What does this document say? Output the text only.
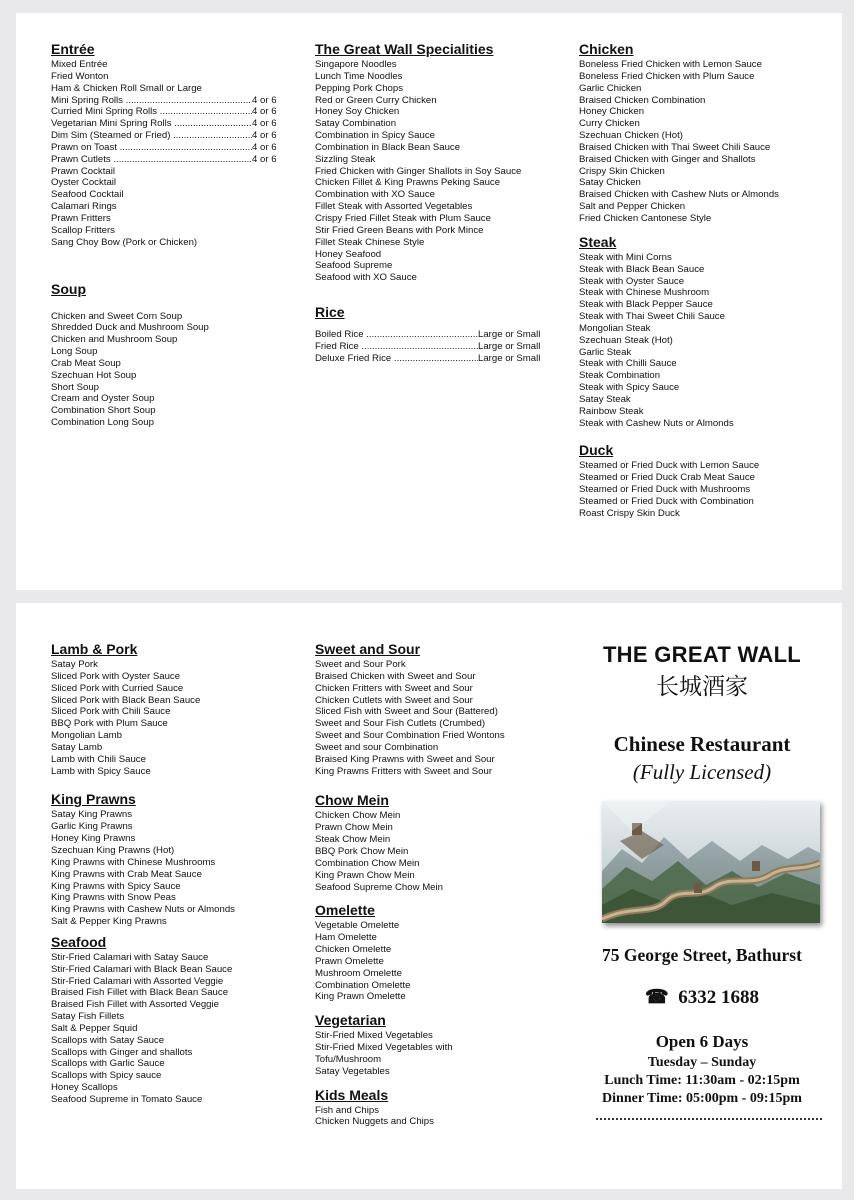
Entrée
Mixed Entrée
Fried Wonton
Ham & Chicken Roll Small or Large
Mini Spring Rolls .....	4 or 6
Curried Mini Spring Rolls .....	4 or 6
Vegetarian Mini Spring Rolls .....	4 or 6
Dim Sim (Steamed or Fried) .....	4 or 6
Prawn on Toast .....	4 or 6
Prawn Cutlets .....	4 or 6
Prawn Cocktail
Oyster Cocktail
Seafood Cocktail
Calamari Rings
Prawn Fritters
Scallop Fritters
Sang Choy Bow (Pork or Chicken)
Soup
Chicken and Sweet Corn Soup
Shredded Duck and Mushroom Soup
Chicken and Mushroom Soup
Long Soup
Crab Meat Soup
Szechuan Hot Soup
Short Soup
Cream and Oyster Soup
Combination Short Soup
Combination Long Soup
The Great Wall Specialities
Singapore Noodles
Lunch Time Noodles
Pepping Pork Chops
Red or Green Curry Chicken
Honey Soy Chicken
Satay Combination
Combination in Spicy Sauce
Combination in Black Bean Sauce
Sizzling Steak
Fried Chicken with Ginger Shallots in Soy Sauce
Chicken Fillet & King Prawns Peking Sauce
Combination with XO Sauce
Fillet Steak with Assorted Vegetables
Crispy Fried Fillet Steak with Plum Sauce
Stir Fried Green Beans with Pork Mince
Fillet Steak Chinese Style
Honey Seafood
Seafood Supreme
Seafood with XO Sauce
Rice
Boiled Rice .....	Large or Small
Fried Rice .....	Large or Small
Deluxe Fried Rice .....	Large or Small
Chicken
Boneless Fried Chicken with Lemon Sauce
Boneless Fried Chicken with Plum Sauce
Garlic Chicken
Braised Chicken Combination
Honey Chicken
Curry Chicken
Szechuan Chicken (Hot)
Braised Chicken with Thai Sweet Chili Sauce
Braised Chicken with Ginger and Shallots
Crispy Skin Chicken
Satay Chicken
Braised Chicken with Cashew Nuts or Almonds
Salt and Pepper Chicken
Fried Chicken Cantonese Style
Steak
Steak with Mini Corns
Steak with Black Bean Sauce
Steak with Oyster Sauce
Steak with Chinese Mushroom
Steak with Black Pepper Sauce
Steak with Thai Sweet Chili Sauce
Mongolian Steak
Szechuan Steak (Hot)
Garlic Steak
Steak with Chilli Sauce
Steak Combination
Steak with Spicy Sauce
Satay Steak
Rainbow Steak
Steak with Cashew Nuts or Almonds
Duck
Steamed or Fried Duck with Lemon Sauce
Steamed or Fried Duck Crab Meat Sauce
Steamed or Fried Duck with Mushrooms
Steamed or Fried Duck with Combination
Roast Crispy Skin Duck
Lamb & Pork
Satay Pork
Sliced Pork with Oyster Sauce
Sliced Pork with Curried Sauce
Sliced Pork with Black Bean Sauce
Sliced Pork with Chili Sauce
BBQ Pork with Plum Sauce
Mongolian Lamb
Satay Lamb
Lamb with Chili Sauce
Lamb with Spicy Sauce
King Prawns
Satay King Prawns
Garlic King Prawns
Honey King Prawns
Szechuan King Prawns (Hot)
King Prawns with Chinese Mushrooms
King Prawns with Crab Meat Sauce
King Prawns with Spicy Sauce
King Prawns with Snow Peas
King Prawns with Cashew Nuts or Almonds
Salt & Pepper King Prawns
Seafood
Stir-Fried Calamari with Satay Sauce
Stir-Fried Calamari with Black Bean Sauce
Stir-Fried Calamari with Assorted Veggie
Braised Fish Fillet with Black Bean Sauce
Braised Fish Fillet with Assorted Veggie
Satay Fish Fillets
Salt & Pepper Squid
Scallops with Satay Sauce
Scallops with Ginger and shallots
Scallops with Garlic Sauce
Scallops with Spicy sauce
Honey Scallops
Seafood Supreme in Tomato Sauce
Sweet and Sour
Sweet and Sour Pork
Braised Chicken with Sweet and Sour
Chicken Fritters with Sweet and Sour
Chicken Cutlets with Sweet and Sour
Sliced Fish with Sweet and Sour (Battered)
Sweet and Sour Fish Cutlets (Crumbed)
Sweet and Sour Combination Fried Wontons
Sweet and sour Combination
Braised King Prawns with Sweet and Sour
King Prawns Fritters with Sweet and Sour
Chow Mein
Chicken Chow Mein
Prawn Chow Mein
Steak Chow Mein
BBQ Pork Chow Mein
Combination Chow Mein
King Prawn Chow Mein
Seafood Supreme Chow Mein
Omelette
Vegetable Omelette
Ham Omelette
Chicken Omelette
Prawn Omelette
Mushroom Omelette
Combination Omelette
King Prawn Omelette
Vegetarian
Stir-Fried Mixed Vegetables
Stir-Fried Mixed Vegetables with
Tofu/Mushroom
Satay Vegetables
Kids Meals
Fish and Chips
Chicken Nuggets and Chips
THE GREAT WALL
长城酒家
Chinese Restaurant
(Fully Licensed)
75 George Street, Bathurst
☎ 6332 1688
Open 6 Days
Tuesday – Sunday
Lunch Time: 11:30am - 02:15pm
Dinner Time: 05:00pm - 09:15pm
